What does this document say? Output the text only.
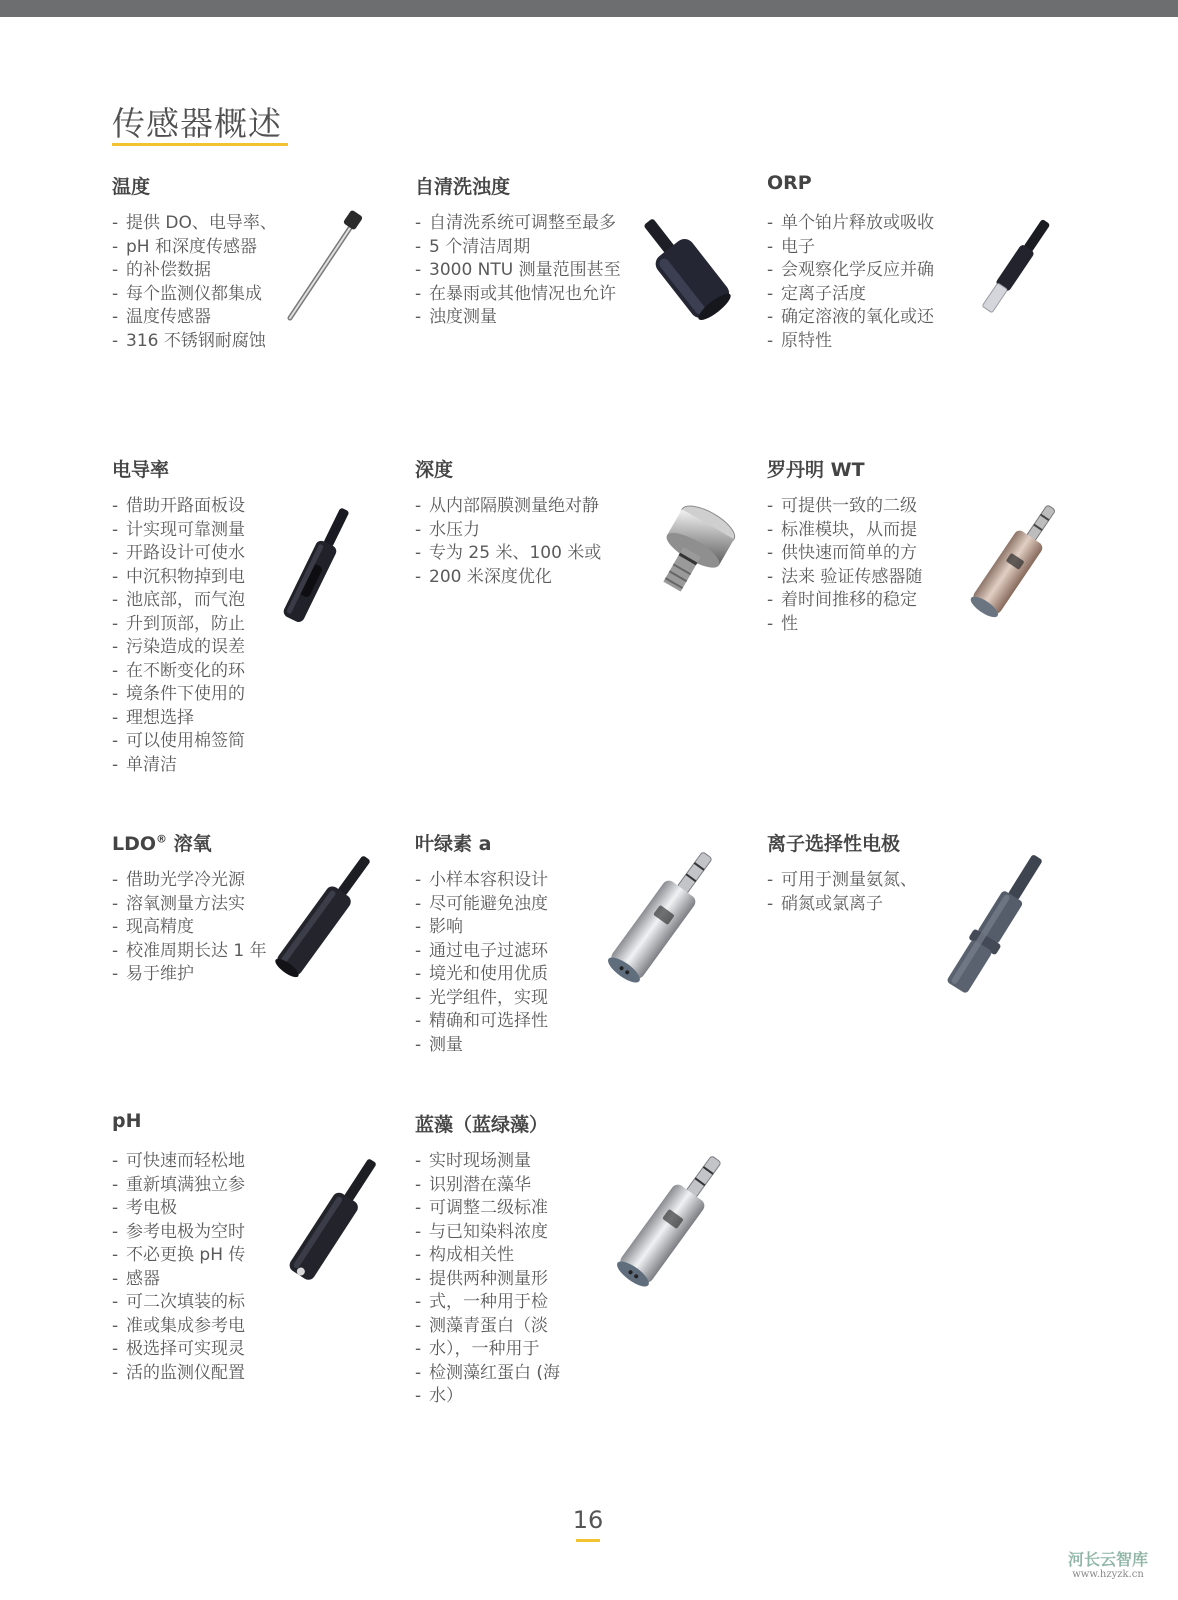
传感器概述
温度
- 提供 DO、电导率、
- pH 和深度传感器
- 的补偿数据
- 每个监测仪都集成
- 温度传感器
- 316 不锈钢耐腐蚀
自清洗浊度
- 自清洗系统可调整至最多
- 5 个清洁周期
- 3000 NTU 测量范围甚至
- 在暴雨或其他情况也允许
- 浊度测量
ORP
- 单个铂片释放或吸收
- 电子
- 会观察化学反应并确
- 定离子活度
- 确定溶液的氧化或还
- 原特性
电导率
- 借助开路面板设
- 计实现可靠测量
- 开路设计可使水
- 中沉积物掉到电
- 池底部，而气泡
- 升到顶部，防止
- 污染造成的误差
- 在不断变化的环
- 境条件下使用的
- 理想选择
- 可以使用棉签简
- 单清洁
深度
- 从内部隔膜测量绝对静
- 水压力
- 专为 25 米、100 米或
- 200 米深度优化
罗丹明 WT
- 可提供一致的二级
- 标准模块，从而提
- 供快速而简单的方
- 法来 验证传感器随
- 着时间推移的稳定
- 性
LDO® 溶氧
- 借助光学冷光源
- 溶氧测量方法实
- 现高精度
- 校准周期长达 1 年
- 易于维护
叶绿素 a
- 小样本容积设计
- 尽可能避免浊度
- 影响
- 通过电子过滤环
- 境光和使用优质
- 光学组件，实现
- 精确和可选择性
- 测量
离子选择性电极
- 可用于测量氨氮、
- 硝氮或氯离子
pH
- 可快速而轻松地
- 重新填满独立参
- 考电极
- 参考电极为空时
- 不必更换 pH 传
- 感器
- 可二次填装的标
- 准或集成参考电
- 极选择可实现灵
- 活的监测仪配置
蓝藻（蓝绿藻）
- 实时现场测量
- 识别潜在藻华
- 可调整二级标准
- 与已知染料浓度
- 构成相关性
- 提供两种测量形
- 式，一种用于检
- 测藻青蛋白（淡
- 水），一种用于
- 检测藻红蛋白 (海
- 水）
16
河长云智库
www.hzyzk.cn
